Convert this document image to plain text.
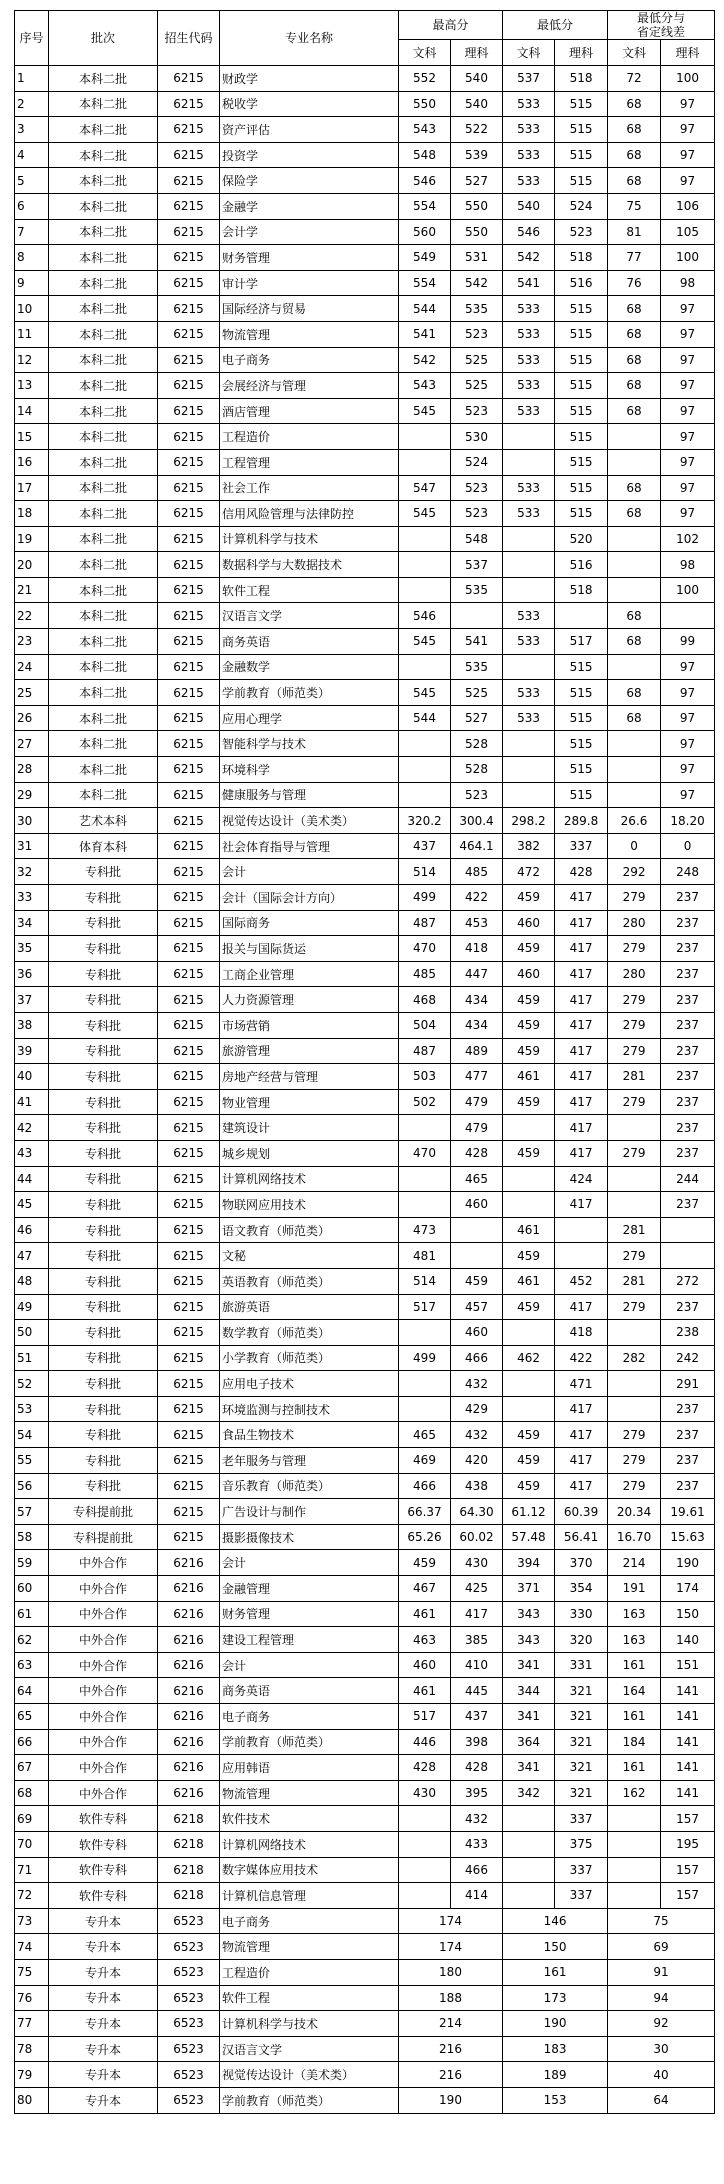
序号	批次	招生代码	专业名称	最高分		最低分		最低分与
省定线差	
				文科	理科	文科	理科	文科	理科
1	本科二批	6215	财政学	552	540	537	518	72	100
2	本科二批	6215	税收学	550	540	533	515	68	97
3	本科二批	6215	资产评估	543	522	533	515	68	97
4	本科二批	6215	投资学	548	539	533	515	68	97
5	本科二批	6215	保险学	546	527	533	515	68	97
6	本科二批	6215	金融学	554	550	540	524	75	106
7	本科二批	6215	会计学	560	550	546	523	81	105
8	本科二批	6215	财务管理	549	531	542	518	77	100
9	本科二批	6215	审计学	554	542	541	516	76	98
10	本科二批	6215	国际经济与贸易	544	535	533	515	68	97
11	本科二批	6215	物流管理	541	523	533	515	68	97
12	本科二批	6215	电子商务	542	525	533	515	68	97
13	本科二批	6215	会展经济与管理	543	525	533	515	68	97
14	本科二批	6215	酒店管理	545	523	533	515	68	97
15	本科二批	6215	工程造价		530		515		97
16	本科二批	6215	工程管理		524		515		97
17	本科二批	6215	社会工作	547	523	533	515	68	97
18	本科二批	6215	信用风险管理与法律防控	545	523	533	515	68	97
19	本科二批	6215	计算机科学与技术		548		520		102
20	本科二批	6215	数据科学与大数据技术		537		516		98
21	本科二批	6215	软件工程		535		518		100
22	本科二批	6215	汉语言文学	546		533		68	
23	本科二批	6215	商务英语	545	541	533	517	68	99
24	本科二批	6215	金融数学		535		515		97
25	本科二批	6215	学前教育（师范类）	545	525	533	515	68	97
26	本科二批	6215	应用心理学	544	527	533	515	68	97
27	本科二批	6215	智能科学与技术		528		515		97
28	本科二批	6215	环境科学		528		515		97
29	本科二批	6215	健康服务与管理		523		515		97
30	艺术本科	6215	视觉传达设计（美术类）	320.2	300.4	298.2	289.8	26.6	18.20
31	体育本科	6215	社会体育指导与管理	437	464.1	382	337	0	0
32	专科批	6215	会计	514	485	472	428	292	248
33	专科批	6215	会计（国际会计方向）	499	422	459	417	279	237
34	专科批	6215	国际商务	487	453	460	417	280	237
35	专科批	6215	报关与国际货运	470	418	459	417	279	237
36	专科批	6215	工商企业管理	485	447	460	417	280	237
37	专科批	6215	人力资源管理	468	434	459	417	279	237
38	专科批	6215	市场营销	504	434	459	417	279	237
39	专科批	6215	旅游管理	487	489	459	417	279	237
40	专科批	6215	房地产经营与管理	503	477	461	417	281	237
41	专科批	6215	物业管理	502	479	459	417	279	237
42	专科批	6215	建筑设计		479		417		237
43	专科批	6215	城乡规划	470	428	459	417	279	237
44	专科批	6215	计算机网络技术		465		424		244
45	专科批	6215	物联网应用技术		460		417		237
46	专科批	6215	语文教育（师范类）	473		461		281	
47	专科批	6215	文秘	481		459		279	
48	专科批	6215	英语教育（师范类）	514	459	461	452	281	272
49	专科批	6215	旅游英语	517	457	459	417	279	237
50	专科批	6215	数学教育（师范类）		460		418		238
51	专科批	6215	小学教育（师范类）	499	466	462	422	282	242
52	专科批	6215	应用电子技术		432		471		291
53	专科批	6215	环境监测与控制技术		429		417		237
54	专科批	6215	食品生物技术	465	432	459	417	279	237
55	专科批	6215	老年服务与管理	469	420	459	417	279	237
56	专科批	6215	音乐教育（师范类）	466	438	459	417	279	237
57	专科提前批	6215	广告设计与制作	66.37	64.30	61.12	60.39	20.34	19.61
58	专科提前批	6215	摄影摄像技术	65.26	60.02	57.48	56.41	16.70	15.63
59	中外合作	6216	会计	459	430	394	370	214	190
60	中外合作	6216	金融管理	467	425	371	354	191	174
61	中外合作	6216	财务管理	461	417	343	330	163	150
62	中外合作	6216	建设工程管理	463	385	343	320	163	140
63	中外合作	6216	会计	460	410	341	331	161	151
64	中外合作	6216	商务英语	461	445	344	321	164	141
65	中外合作	6216	电子商务	517	437	341	321	161	141
66	中外合作	6216	学前教育（师范类）	446	398	364	321	184	141
67	中外合作	6216	应用韩语	428	428	341	321	161	141
68	中外合作	6216	物流管理	430	395	342	321	162	141
69	软件专科	6218	软件技术		432		337		157
70	软件专科	6218	计算机网络技术		433		375		195
71	软件专科	6218	数字媒体应用技术		466		337		157
72	软件专科	6218	计算机信息管理		414		337		157
73	专升本	6523	电子商务	174		146		75	
74	专升本	6523	物流管理	174		150		69	
75	专升本	6523	工程造价	180		161		91	
76	专升本	6523	软件工程	188		173		94	
77	专升本	6523	计算机科学与技术	214		190		92	
78	专升本	6523	汉语言文学	216		183		30	
79	专升本	6523	视觉传达设计（美术类）	216		189		40	
80	专升本	6523	学前教育（师范类）	190		153		64	
